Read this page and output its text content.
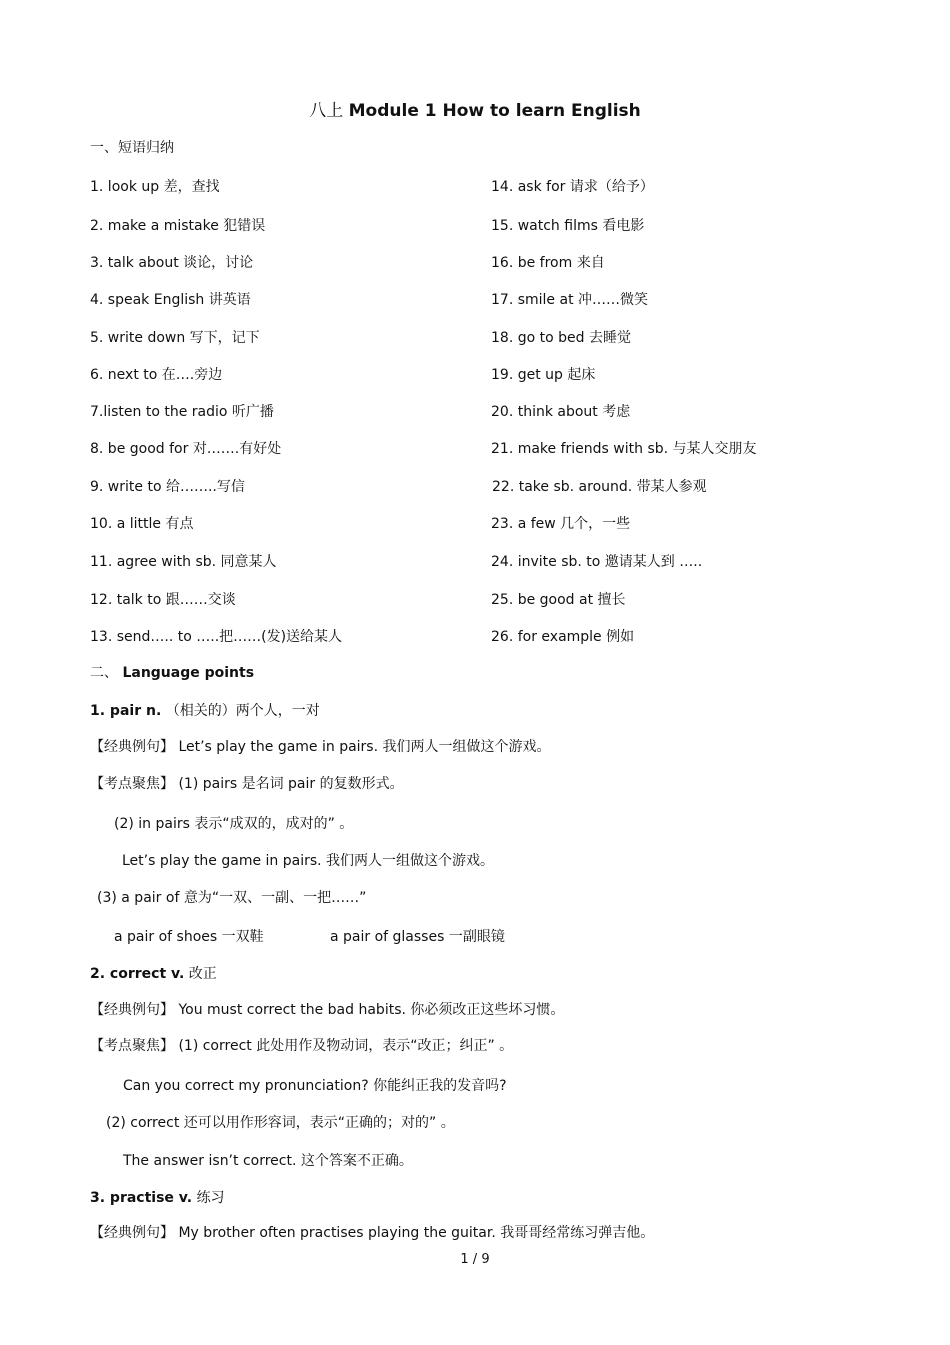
八上 Module 1 How to learn English
一、短语归纳
1. look up 差，查找
2. make a mistake 犯错误
3. talk about 谈论，讨论
4. speak English 讲英语
5. write down 写下，记下
6. next to 在….旁边
7.listen to the radio 听广播
8. be good for 对…….有好处
9. write to 给……..写信
10. a little 有点
11. agree with sb. 同意某人
12. talk to 跟……交谈
13. send….. to …..把……(发)送给某人
14. ask for 请求（给予）
15. watch films 看电影
16. be from 来自
17. smile at 冲……微笑
18. go to bed 去睡觉
19. get up 起床
20. think about 考虑
21. make friends with sb. 与某人交朋友
22. take sb. around. 带某人参观
23. a few 几个，一些
24. invite sb. to 邀请某人到 …..
25. be good at 擅长
26. for example 例如
二、 Language points
1. pair n. （相关的）两个人，一对
【经典例句】 Let’s play the game in pairs. 我们两人一组做这个游戏。
【考点聚焦】 (1) pairs 是名词 pair 的复数形式。
(2) in pairs 表示“成双的，成对的” 。
Let’s play the game in pairs. 我们两人一组做这个游戏。
(3) a pair of 意为“一双、一副、一把……”
a pair of shoes 一双鞋	a pair of glasses 一副眼镜
2. correct v. 改正
【经典例句】 You must correct the bad habits. 你必须改正这些坏习惯。
【考点聚焦】 (1) correct 此处用作及物动词，表示“改正；纠正” 。
Can you correct my pronunciation? 你能纠正我的发音吗?
(2) correct 还可以用作形容词，表示“正确的；对的” 。
The answer isn’t correct. 这个答案不正确。
3. practise v. 练习
【经典例句】 My brother often practises playing the guitar. 我哥哥经常练习弹吉他。
1 / 9
